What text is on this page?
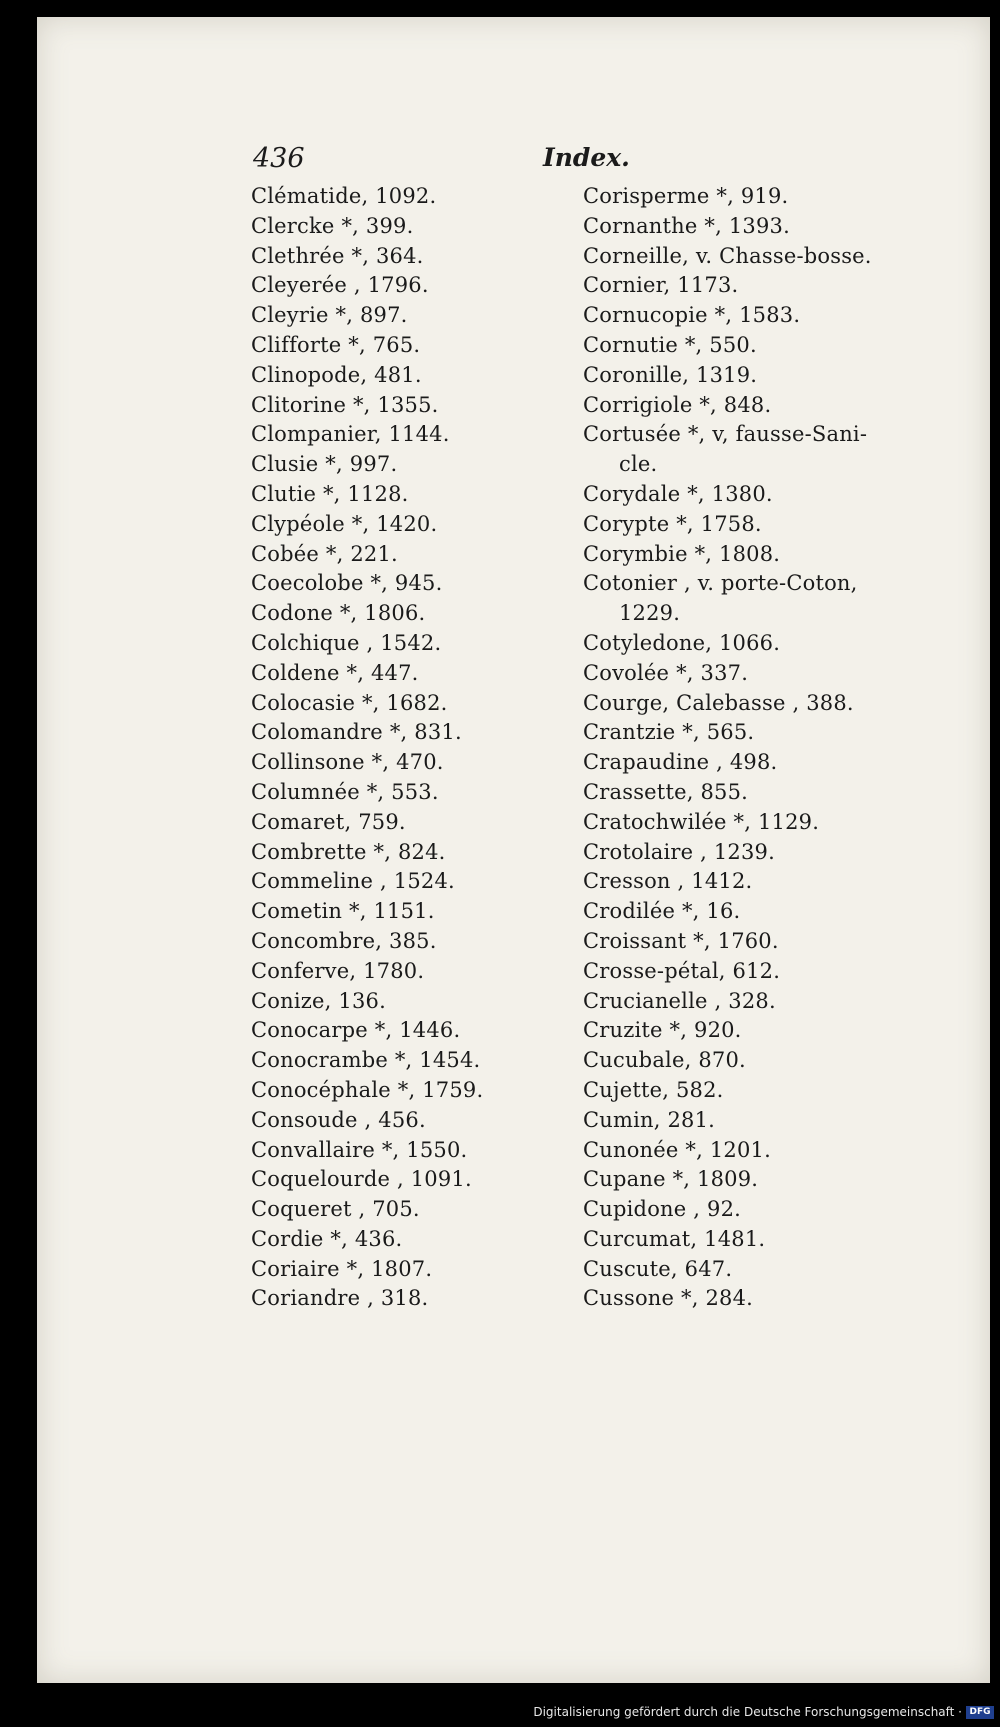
436	Index.
Clématide, 1092.
Clercke *, 399.
Clethrée *, 364.
Cleyerée , 1796.
Cleyrie *, 897.
Clifforte *, 765.
Clinopode, 481.
Clitorine *, 1355.
Clompanier, 1144.
Clusie *, 997.
Clutie *, 1128.
Clypéole *, 1420.
Cobée *, 221.
Coecolobe *, 945.
Codone *, 1806.
Colchique , 1542.
Coldene *, 447.
Colocasie *, 1682.
Colomandre *, 831.
Collinsone *, 470.
Columnée *, 553.
Comaret, 759.
Combrette *, 824.
Commeline , 1524.
Cometin *, 1151.
Concombre, 385.
Conferve, 1780.
Conize, 136.
Conocarpe *, 1446.
Conocrambe *, 1454.
Conocéphale *, 1759.
Consoude , 456.
Convallaire *, 1550.
Coquelourde , 1091.
Coqueret , 705.
Cordie *, 436.
Coriaire *, 1807.
Coriandre , 318.
Corisperme *, 919.
Cornanthe *, 1393.
Corneille, v. Chasse-bosse.
Cornier, 1173.
Cornucopie *, 1583.
Cornutie *, 550.
Coronille, 1319.
Corrigiole *, 848.
Cortusée *, v, fausse-Sani-
cle.
Corydale *, 1380.
Corypte *, 1758.
Corymbie *, 1808.
Cotonier , v. porte-Coton,
1229.
Cotyledone, 1066.
Covolée *, 337.
Courge, Calebasse , 388.
Crantzie *, 565.
Crapaudine , 498.
Crassette, 855.
Cratochwilée *, 1129.
Crotolaire , 1239.
Cresson , 1412.
Crodilée *, 16.
Croissant *, 1760.
Crosse-pétal, 612.
Crucianelle , 328.
Cruzite *, 920.
Cucubale, 870.
Cujette, 582.
Cumin, 281.
Cunonée *, 1201.
Cupane *, 1809.
Cupidone , 92.
Curcumat, 1481.
Cuscute, 647.
Cussone *, 284.
Digitalisierung gefördert durch die Deutsche Forschungsgemeinschaft · DFG
